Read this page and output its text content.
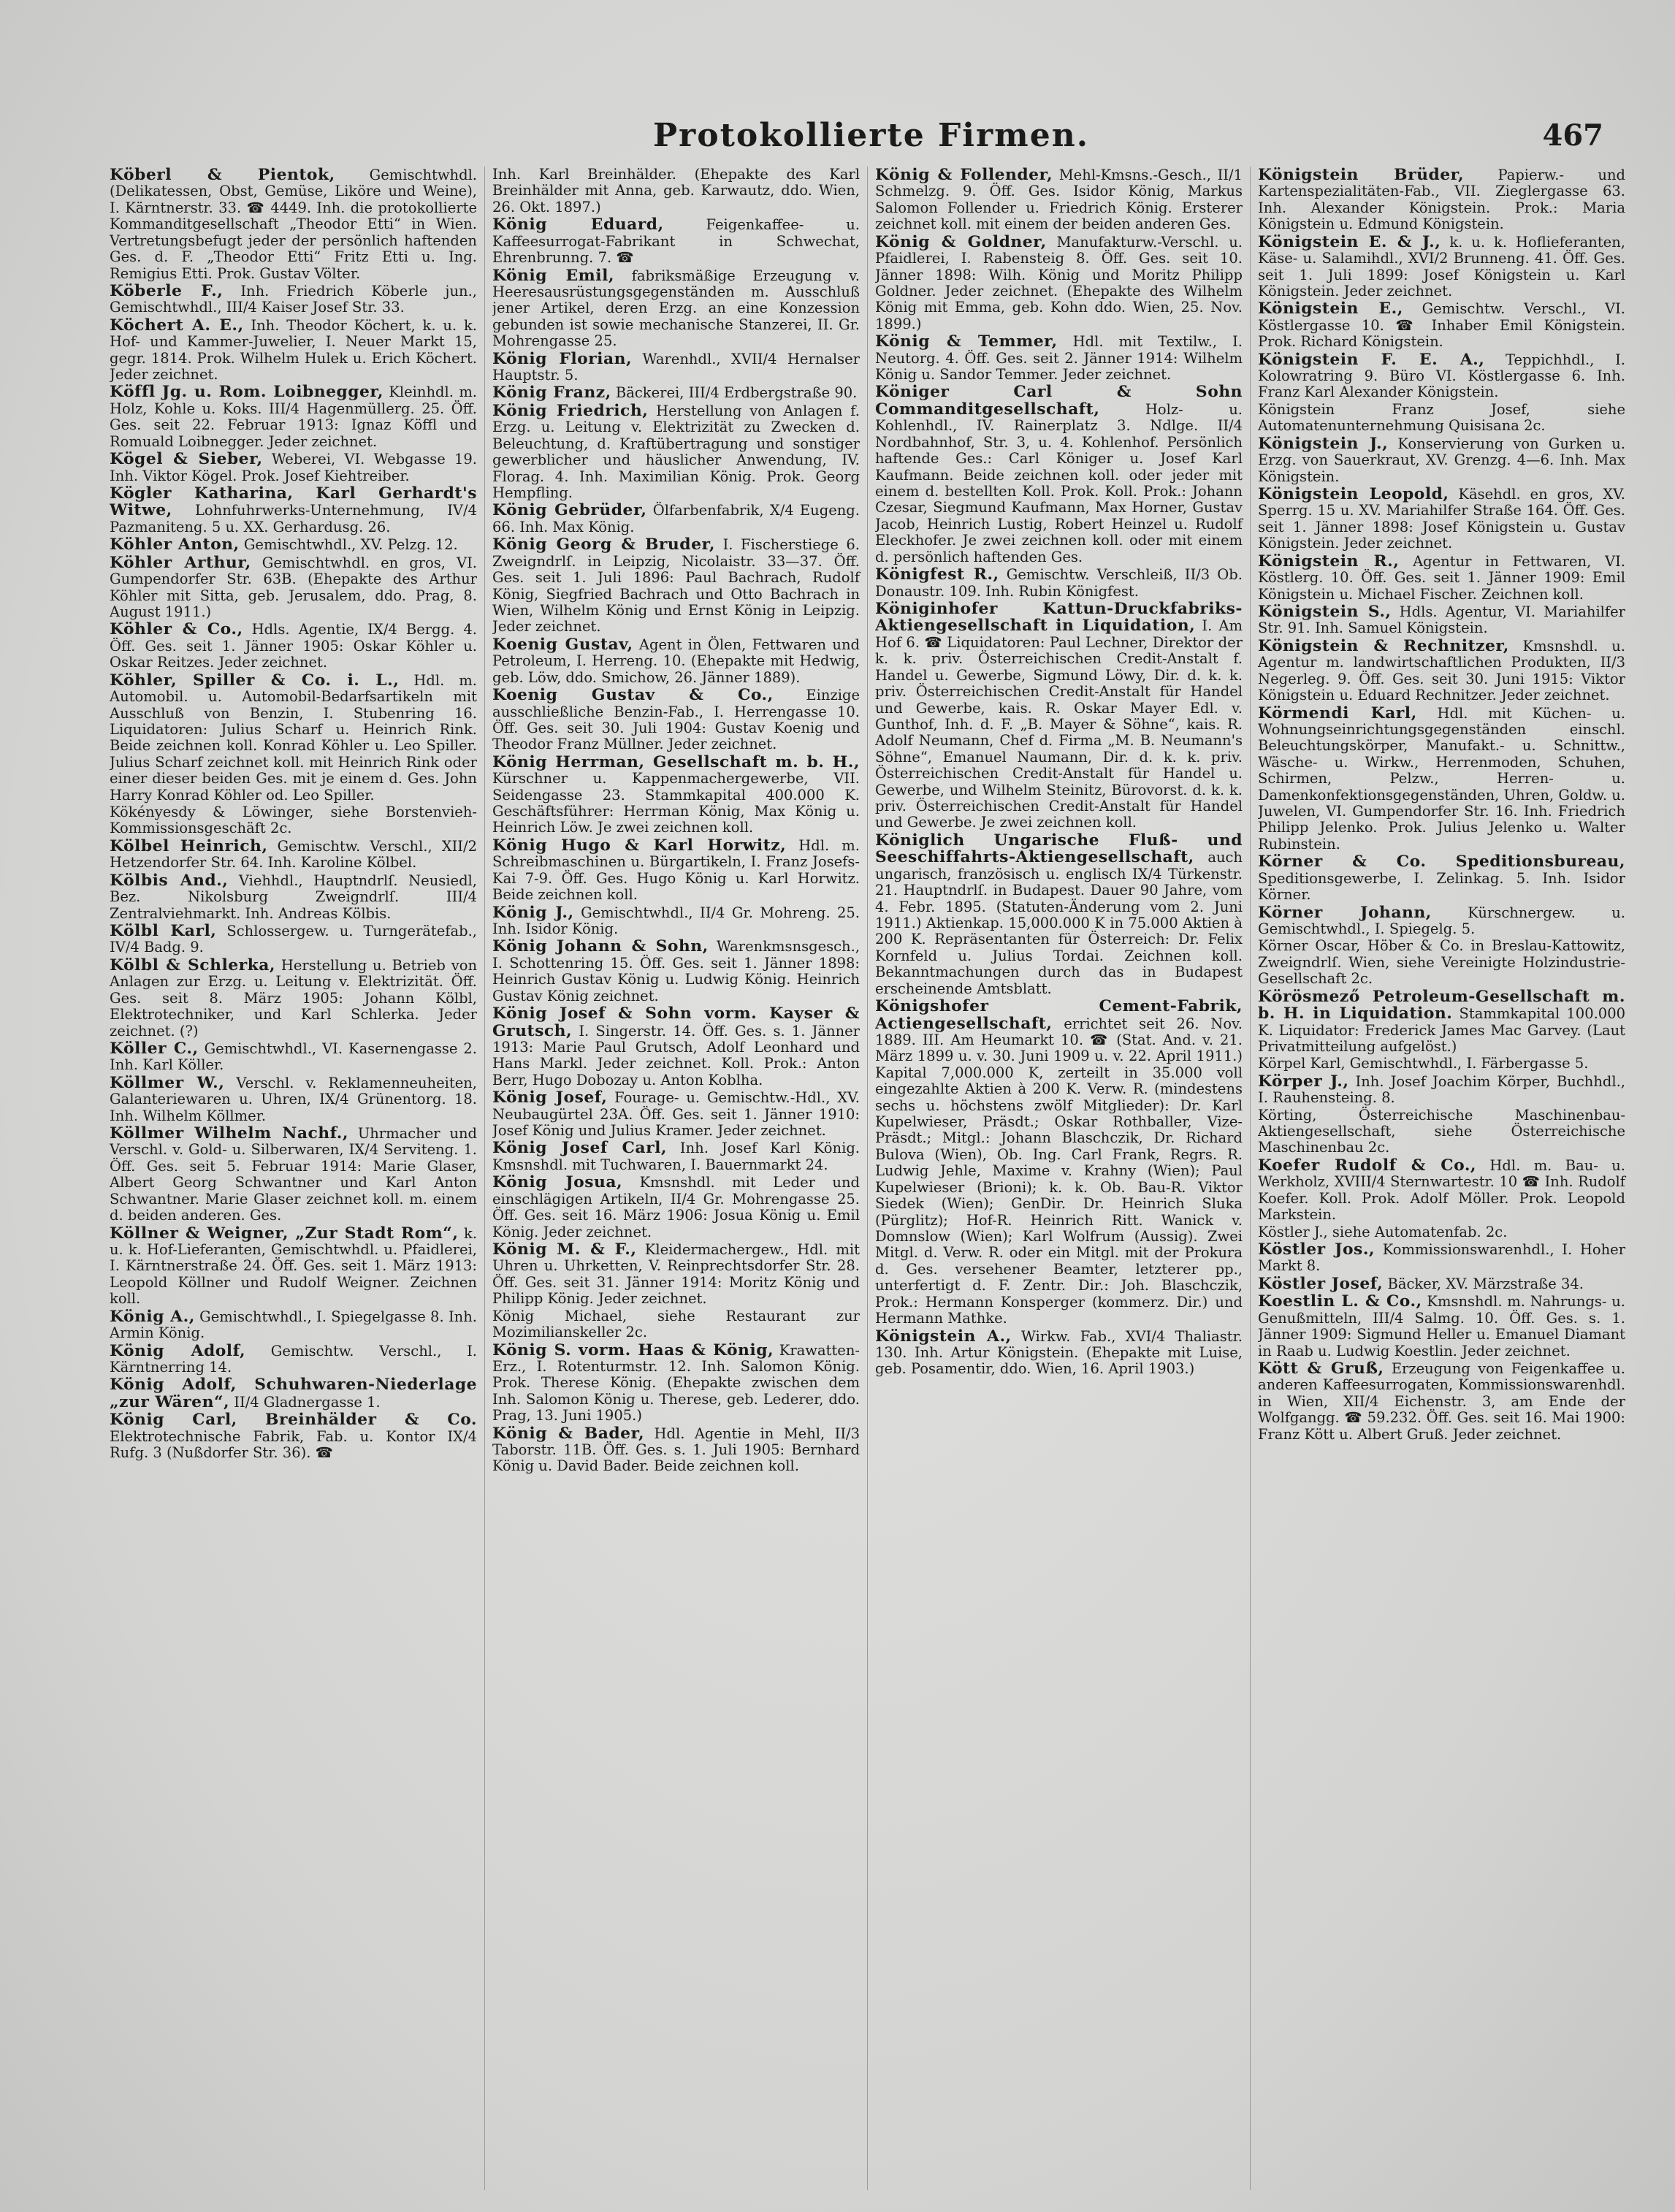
Protokollierte Firmen.	467

Köberl & Pientok, Gemischtwhdl. (Delikatessen, Obst, Gemüse, Liköre und Weine), I. Kärntnerstr. 33. ☎ 4449. Inh. die protokollierte Kommanditgesellschaft „Theodor Etti“ in Wien. Vertretungsbefugt jeder der persönlich haftenden Ges. d. F. „Theodor Etti“ Fritz Etti u. Ing. Remigius Etti. Prok. Gustav Völter.

Köberle F., Inh. Friedrich Köberle jun., Gemischtwhdl., III/4 Kaiser Josef Str. 33.

Köchert A. E., Inh. Theodor Köchert, k. u. k. Hof- und Kammer-Juwelier, I. Neuer Markt 15, gegr. 1814. Prok. Wilhelm Hulek u. Erich Köchert. Jeder zeichnet.

Köffl Jg. u. Rom. Loibnegger, Kleinhdl. m. Holz, Kohle u. Koks. III/4 Hagenmüllerg. 25. Öff. Ges. seit 22. Februar 1913: Ignaz Köffl und Romuald Loibnegger. Jeder zeichnet.

Kögel & Sieber, Weberei, VI. Webgasse 19. Inh. Viktor Kögel. Prok. Josef Kiehtreiber.

Kögler Katharina, Karl Gerhardt's Witwe, Lohnfuhrwerks-Unternehmung, IV/4 Pazmaniteng. 5 u. XX. Gerhardusg. 26.

Köhler Anton, Gemischtwhdl., XV. Pelzg. 12.

Köhler Arthur, Gemischtwhdl. en gros, VI. Gumpendorfer Str. 63B. (Ehepakte des Arthur Köhler mit Sitta, geb. Jerusalem, ddo. Prag, 8. August 1911.)

Köhler & Co., Hdls. Agentie, IX/4 Bergg. 4. Öff. Ges. seit 1. Jänner 1905: Oskar Köhler u. Oskar Reitzes. Jeder zeichnet.

Köhler, Spiller & Co. i. L., Hdl. m. Automobil. u. Automobil-Bedarfsartikeln mit Ausschluß von Benzin, I. Stubenring 16. Liquidatoren: Julius Scharf u. Heinrich Rink. Beide zeichnen koll. Konrad Köhler u. Leo Spiller. Julius Scharf zeichnet koll. mit Heinrich Rink oder einer dieser beiden Ges. mit je einem d. Ges. John Harry Konrad Köhler od. Leo Spiller.

Kökényesdy & Löwinger, siehe Borstenvieh-Kommissionsgeschäft 2c.

Kölbel Heinrich, Gemischtw. Verschl., XII/2 Hetzendorfer Str. 64. Inh. Karoline Kölbel.

Kölbis And., Viehhdl., Hauptndrlſ. Neusiedl, Bez. Nikolsburg Zweigndrlſ. III/4 Zentralviehmarkt. Inh. Andreas Kölbis.

Kölbl Karl, Schlossergew. u. Turngerätefab., IV/4 Badg. 9.

Kölbl & Schlerka, Herstellung u. Betrieb von Anlagen zur Erzg. u. Leitung v. Elektrizität. Öff. Ges. seit 8. März 1905: Johann Kölbl, Elektrotechniker, und Karl Schlerka. Jeder zeichnet. (?)

Köller C., Gemischtwhdl., VI. Kasernengasse 2. Inh. Karl Köller.

Köllmer W., Verschl. v. Reklamenneuheiten, Galanteriewaren u. Uhren, IX/4 Grünentorg. 18. Inh. Wilhelm Köllmer.

Köllmer Wilhelm Nachf., Uhrmacher und Verschl. v. Gold- u. Silberwaren, IX/4 Serviteng. 1. Öff. Ges. seit 5. Februar 1914: Marie Glaser, Albert Georg Schwantner und Karl Anton Schwantner. Marie Glaser zeichnet koll. m. einem d. beiden anderen. Ges.

Köllner & Weigner, „Zur Stadt Rom“, k. u. k. Hof-Lieferanten, Gemischtwhdl. u. Pfaidlerei, I. Kärntnerstraße 24. Öff. Ges. seit 1. März 1913: Leopold Köllner und Rudolf Weigner. Zeichnen koll.

König A., Gemischtwhdl., I. Spiegelgasse 8. Inh. Armin König.

König Adolf, Gemischtw. Verschl., I. Kärntnerring 14.

König Adolf, Schuhwaren-Niederlage „zur Wären“, II/4 Gladnergasse 1.

König Carl, Breinhälder & Co. Elektrotechnische Fabrik, Fab. u. Kontor IX/4 Rufg. 3 (Nußdorfer Str. 36). ☎

Inh. Karl Breinhälder. (Ehepakte des Karl Breinhälder mit Anna, geb. Karwautz, ddo. Wien, 26. Okt. 1897.)

König Eduard,	Feigenkaffee- u. Kaffeesurrogat-Fabrikant in Schwechat, Ehrenbrunng. 7. ☎

König Emil, fabriksmäßige Erzeugung v. Heeresausrüstungsgegenständen m. Ausschluß jener Artikel, deren Erzg. an eine Konzession gebunden ist sowie mechanische Stanzerei, II. Gr. Mohrengasse 25.

König Florian, Warenhdl., XVII/4 Hernalser Hauptstr. 5.

König Franz, Bäckerei, III/4 Erdbergstraße 90.

König Friedrich, Herstellung von Anlagen f. Erzg. u. Leitung v. Elektrizität zu Zwecken d. Beleuchtung, d. Kraftübertragung und sonstiger gewerblicher und häuslicher Anwendung, IV. Florag. 4. Inh. Maximilian König. Prok. Georg Hempfling.

König Gebrüder, Ölfarbenfabrik, X/4 Eugeng. 66. Inh. Max König.

König Georg & Bruder, I. Fischerstiege 6. Zweigndrlſ. in Leipzig, Nicolaistr. 33—37. Öff. Ges. seit 1. Juli 1896: Paul Bachrach, Rudolf König, Siegfried Bachrach und Otto Bachrach in Wien, Wilhelm König und Ernst König in Leipzig. Jeder zeichnet.

Koenig Gustav, Agent in Ölen, Fettwaren und Petroleum, I. Herreng. 10. (Ehepakte mit Hedwig, geb. Löw, ddo. Smichow, 26. Jänner 1889).

Koenig Gustav & Co., Einzige ausschließliche Benzin-Fab., I. Herrengasse 10. Öff. Ges. seit 30. Juli 1904: Gustav Koenig und Theodor Franz Müllner. Jeder zeichnet.

König Herrman, Gesellschaft m. b. H., Kürschner u. Kappenmachergewerbe, VII. Seidengasse 23. Stammkapital 400.000 K. Geschäftsführer: Herrman König, Max König u. Heinrich Löw. Je zwei zeichnen koll.

König Hugo & Karl Horwitz, Hdl. m. Schreibmaschinen u. Bürgartikeln, I. Franz Josefs-Kai 7-9. Öff. Ges. Hugo König u. Karl Horwitz. Beide zeichnen koll.

König J., Gemischtwhdl., II/4 Gr. Mohreng. 25. Inh. Isidor König.

König Johann & Sohn, Warenkmsnsgesch., I. Schottenring 15. Öff. Ges. seit 1. Jänner 1898: Heinrich Gustav König u. Ludwig König. Heinrich Gustav König zeichnet.

König Josef & Sohn vorm. Kayser & Grutsch, I. Singerstr. 14. Öff. Ges. s. 1. Jänner 1913: Marie Paul Grutsch, Adolf Leonhard und Hans Markl. Jeder zeichnet. Koll. Prok.: Anton Berr, Hugo Dobozay u. Anton Koblha.

König Josef, Fourage- u. Gemischtw.-Hdl., XV. Neubaugürtel 23A. Öff. Ges. seit 1. Jänner 1910: Josef König und Julius Kramer. Jeder zeichnet.

König Josef Carl, Inh. Josef Karl König. Kmsnshdl. mit Tuchwaren, I. Bauernmarkt 24.

König Josua, Kmsnshdl. mit Leder und einschlägigen Artikeln, II/4 Gr. Mohrengasse 25. Öff. Ges. seit 16. März 1906: Josua König u. Emil König. Jeder zeichnet.

König M. & F., Kleidermachergew., Hdl. mit Uhren u. Uhrketten, V. Reinprechtsdorfer Str. 28. Öff. Ges. seit 31. Jänner 1914: Moritz König und Philipp König. Jeder zeichnet.

König Michael, siehe Restaurant zur Mozimilianskeller 2c.

König S. vorm. Haas & König, Krawatten-Erz., I. Rotenturmstr. 12. Inh. Salomon König. Prok. Therese König. (Ehepakte zwischen dem Inh. Salomon König u. Therese, geb. Lederer, ddo. Prag, 13. Juni 1905.)

König & Bader, Hdl. Agentie in Mehl, II/3 Taborstr. 11B. Öff. Ges. s. 1. Juli 1905: Bernhard König u. David Bader. Beide zeichnen koll.

König & Follender, Mehl-Kmsns.-Gesch., II/1 Schmelzg. 9. Öff. Ges. Isidor König, Markus Salomon Follender u. Friedrich König. Ersterer zeichnet koll. mit einem der beiden anderen Ges.

König & Goldner, Manufakturw.-Verschl. u. Pfaidlerei, I. Rabensteig 8. Öff. Ges. seit 10. Jänner 1898: Wilh. König und Moritz Philipp Goldner. Jeder zeichnet. (Ehepakte des Wilhelm König mit Emma, geb. Kohn ddo. Wien, 25. Nov. 1899.)

König & Temmer, Hdl. mit Textilw., I. Neutorg. 4. Öff. Ges. seit 2. Jänner 1914: Wilhelm König u. Sandor Temmer. Jeder zeichnet.

Königer Carl & Sohn Commanditgesellschaft,	Holz- u. Kohlenhdl., IV. Rainerplatz 3. Ndlge. II/4 Nordbahnhof, Str. 3, u. 4. Kohlenhof. Persönlich haftende Ges.: Carl Königer u. Josef Karl Kaufmann. Beide zeichnen koll. oder jeder mit einem d. bestellten Koll. Prok. Koll. Prok.: Johann Czesar, Siegmund Kaufmann, Max Horner, Gustav Jacob, Heinrich Lustig, Robert Heinzel u. Rudolf Eleckhofer. Je zwei zeichnen koll. oder mit einem d. persönlich haftenden Ges.

Königfest R., Gemischtw. Verschleiß, II/3 Ob. Donaustr. 109. Inh. Rubin Königfest.

Königinhofer Kattun-Druckfabriks-Aktiengesellschaft in Liquidation, I. Am Hof 6. ☎ Liquidatoren: Paul Lechner, Direktor der k. k. priv. Österreichischen Credit-Anstalt f. Handel u. Gewerbe, Sigmund Löwy, Dir. d. k. k. priv. Österreichischen Credit-Anstalt für Handel und Gewerbe, kais. R. Oskar Mayer Edl. v. Gunthof, Inh. d. F. „B. Mayer & Söhne“, kais. R. Adolf Neumann, Chef d. Firma „M. B. Neumann's Söhne“, Emanuel Naumann, Dir. d. k. k. priv. Österreichischen Credit-Anstalt für Handel u. Gewerbe, und Wilhelm Steinitz, Bürovorst. d. k. k. priv. Österreichischen Credit-Anstalt für Handel und Gewerbe. Je zwei zeichnen koll.

Königlich Ungarische Fluß- und Seeschiffahrts-Aktiengesellschaft, auch ungarisch, französisch u. englisch IX/4 Türkenstr. 21. Hauptndrlſ. in Budapest. Dauer 90 Jahre, vom 4. Febr. 1895. (Statuten-Änderung vom 2. Juni 1911.) Aktienkap. 15,000.000 K in 75.000 Aktien à 200 K. Repräsentanten für Österreich: Dr. Felix Kornfeld u. Julius Tordai. Zeichnen koll. Bekanntmachungen durch das in Budapest erscheinende Amtsblatt.

Königshofer Cement-Fabrik, Actiengesellschaft, errichtet seit 26. Nov. 1889. III. Am Heumarkt 10. ☎ (Stat. And. v. 21. März 1899 u. v. 30. Juni 1909 u. v. 22. April 1911.) Kapital 7,000.000 K, zerteilt in 35.000 voll eingezahlte Aktien à 200 K. Verw. R. (mindestens sechs u. höchstens zwölf Mitglieder): Dr. Karl Kupelwieser, Präsdt.; Oskar Rothballer, Vize-Präsdt.; Mitgl.: Johann Blaschczik, Dr. Richard Bulova (Wien), Ob. Ing. Carl Frank, Regrs. R. Ludwig Jehle, Maxime v. Krahny (Wien); Paul Kupelwieser (Brioni); k. k. Ob. Bau-R. Viktor Siedek (Wien); GenDir. Dr. Heinrich Sluka (Pürglitz); Hof-R. Heinrich Ritt. Wanick v. Domnslow (Wien); Karl Wolfrum (Aussig). Zwei Mitgl. d. Verw. R. oder ein Mitgl. mit der Prokura d. Ges. versehener Beamter, letzterer pp., unterfertigt d. F. Zentr. Dir.: Joh. Blaschczik, Prok.: Hermann Konsperger (kommerz. Dir.) und Hermann Mathke.

Königstein A., Wirkw. Fab., XVI/4 Thaliastr. 130. Inh. Artur Königstein. (Ehepakte mit Luise, geb. Posamentir, ddo. Wien, 16. April 1903.)

Königstein Brüder, Papierw.- und Kartenspezialitäten-Fab., VII. Zieglergasse 63. Inh. Alexander Königstein. Prok.: Maria Königstein u. Edmund Königstein.

Königstein E. & J., k. u. k. Hoflieferanten, Käse- u. Salamihdl., XVI/2 Brunneng. 41. Öff. Ges. seit 1. Juli 1899: Josef Königstein u. Karl Königstein. Jeder zeichnet.

Königstein E., Gemischtw. Verschl., VI. Köstlergasse 10. ☎ Inhaber Emil Königstein. Prok. Richard Königstein.

Königstein F. E. A., Teppichhdl., I. Kolowratring 9. Büro VI. Köstlergasse 6. Inh. Franz Karl Alexander Königstein.

Königstein Franz Josef, siehe Automatenunternehmung Quisisana 2c.

Königstein J., Konservierung von Gurken u. Erzg. von Sauerkraut, XV. Grenzg. 4—6. Inh. Max Königstein.

Königstein Leopold, Käsehdl. en gros, XV. Sperrg. 15 u. XV. Mariahilfer Straße 164. Öff. Ges. seit 1. Jänner 1898: Josef Königstein u. Gustav Königstein. Jeder zeichnet.

Königstein R., Agentur in Fettwaren, VI. Köstlerg. 10. Öff. Ges. seit 1. Jänner 1909: Emil Königstein u. Michael Fischer. Zeichnen koll.

Königstein S., Hdls. Agentur, VI. Mariahilfer Str. 91. Inh. Samuel Königstein.

Königstein & Rechnitzer, Kmsnshdl. u. Agentur m. landwirtschaftlichen Produkten, II/3 Negerleg. 9. Öff. Ges. seit 30. Juni 1915: Viktor Königstein u. Eduard Rechnitzer. Jeder zeichnet.

Körmendi Karl, Hdl. mit Küchen- u. Wohnungseinrichtungsgegenständen einschl. Beleuchtungskörper, Manufakt.- u. Schnittw., Wäsche- u. Wirkw., Herrenmoden, Schuhen, Schirmen, Pelzw., Herren- u. Damenkonfektionsgegenständen, Uhren, Goldw. u. Juwelen, VI. Gumpendorfer Str. 16. Inh. Friedrich Philipp Jelenko. Prok. Julius Jelenko u. Walter Rubinstein.

Körner & Co. Speditionsbureau, Speditionsgewerbe, I. Zelinkag. 5. Inh. Isidor Körner.

Körner Johann,	Kürschnergew. u. Gemischtwhdl., I. Spiegelg. 5.

Körner Oscar, Höber & Co. in Breslau-Kattowitz, Zweigndrlſ. Wien, siehe Vereinigte Holzindustrie-Gesellschaft 2c.

Körösmező Petroleum-Gesellschaft m. b. H. in Liquidation. Stammkapital 100.000 K. Liquidator: Frederick James Mac Garvey. (Laut Privatmitteilung aufgelöst.)

Körpel Karl, Gemischtwhdl., I. Färbergasse 5.

Körper J., Inh. Josef Joachim Körper, Buchhdl., I. Rauhensteing. 8.

Körting, Österreichische Maschinenbau-Aktiengesellschaft, siehe Österreichische Maschinenbau 2c.

Koefer Rudolf & Co., Hdl. m. Bau- u. Werkholz, XVIII/4 Sternwartestr. 10 ☎ Inh. Rudolf Koefer. Koll. Prok. Adolf Möller. Prok. Leopold Markstein.

Köstler J., siehe Automatenfab. 2c.

Köstler Jos., Kommissionswarenhdl., I. Hoher Markt 8.

Köstler Josef, Bäcker, XV. Märzstraße 34.

Koestlin L. & Co., Kmsnshdl. m. Nahrungs- u. Genußmitteln, III/4 Salmg. 10. Öff. Ges. s. 1. Jänner 1909: Sigmund Heller u. Emanuel Diamant in Raab u. Ludwig Koestlin. Jeder zeichnet.

Kött & Gruß, Erzeugung von Feigenkaffee u. anderen Kaffeesurrogaten, Kommissionswarenhdl. in Wien, XII/4 Eichenstr. 3, am Ende der Wolfgangg. ☎ 59.232. Öff. Ges. seit 16. Mai 1900: Franz Kött u. Albert Gruß. Jeder zeichnet.
